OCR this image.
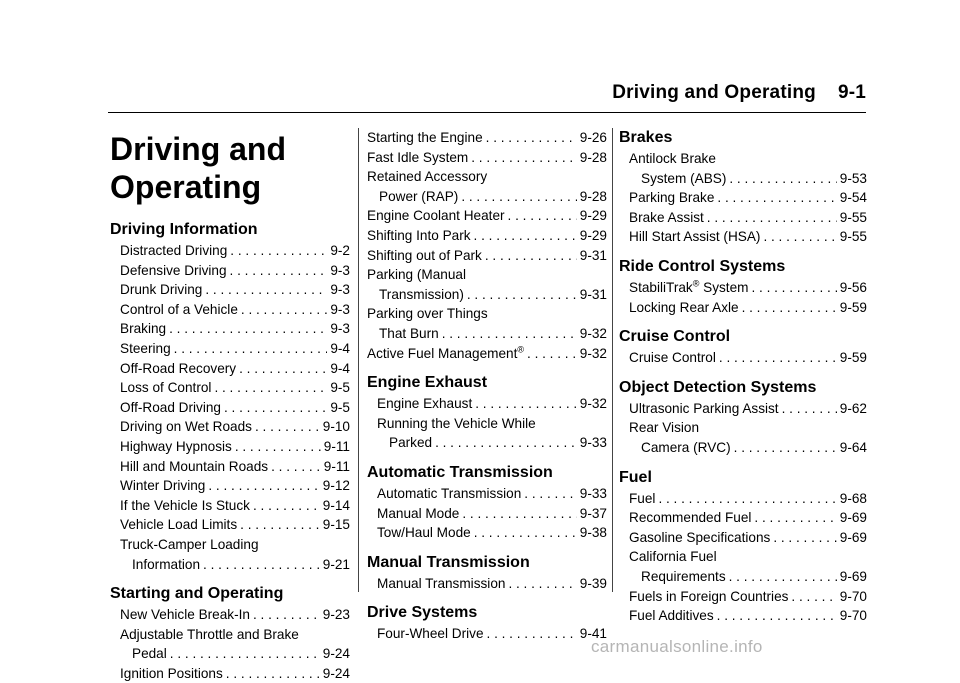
Driving and Operating 9-1
Driving and
Operating
Driving Information
Distracted Driving . . .	9-2
Defensive Driving . . .	9-3
Drunk Driving . . .	9-3
Control of a Vehicle . . .	9-3
Braking . . .	9-3
Steering . . .	9-4
Off-Road Recovery . . .	9-4
Loss of Control . . .	9-5
Off-Road Driving . . .	9-5
Driving on Wet Roads . . .	9-10
Highway Hypnosis . . .	9-11
Hill and Mountain Roads . . .	9-11
Winter Driving . . .	9-12
If the Vehicle Is Stuck . . .	9-14
Vehicle Load Limits . . .	9-15
Truck-Camper Loading
Information . . .	9-21
Starting and Operating
New Vehicle Break-In . . .	9-23
Adjustable Throttle and Brake
Pedal . . .	9-24
Ignition Positions . . .	9-24
Starting the Engine . . .	9-26
Fast Idle System . . .	9-28
Retained Accessory
Power (RAP) . . .	9-28
Engine Coolant Heater . . .	9-29
Shifting Into Park . . .	9-29
Shifting out of Park . . .	9-31
Parking (Manual
Transmission) . . .	9-31
Parking over Things
That Burn . . .	9-32
Active Fuel Management® . . .	9-32
Engine Exhaust
Engine Exhaust . . .	9-32
Running the Vehicle While
Parked . . .	9-33
Automatic Transmission
Automatic Transmission . . .	9-33
Manual Mode . . .	9-37
Tow/Haul Mode . . .	9-38
Manual Transmission
Manual Transmission . . .	9-39
Drive Systems
Four-Wheel Drive . . .	9-41
Brakes
Antilock Brake
System (ABS) . . .	9-53
Parking Brake . . .	9-54
Brake Assist . . .	9-55
Hill Start Assist (HSA) . . .	9-55
Ride Control Systems
StabiliTrak® System . . .	9-56
Locking Rear Axle . . .	9-59
Cruise Control
Cruise Control . . .	9-59
Object Detection Systems
Ultrasonic Parking Assist . . .	9-62
Rear Vision
Camera (RVC) . . .	9-64
Fuel
Fuel . . .	9-68
Recommended Fuel . . .	9-69
Gasoline Specifications . . .	9-69
California Fuel
Requirements . . .	9-69
Fuels in Foreign Countries . . .	9-70
Fuel Additives . . .	9-70
carmanualsonline.info
